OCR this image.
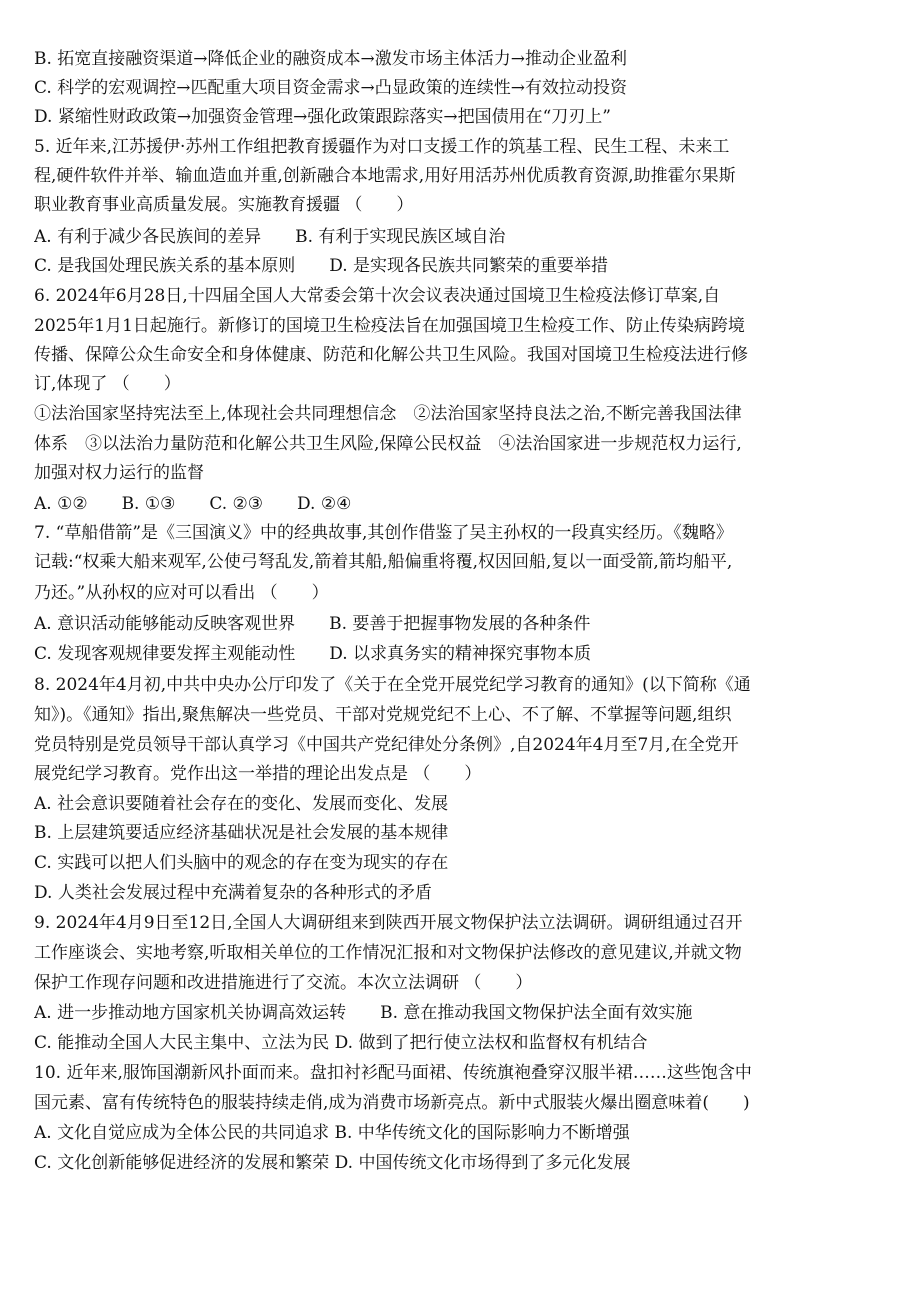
B. 拓宽直接融资渠道→降低企业的融资成本→激发市场主体活力→推动企业盈利
C. 科学的宏观调控→匹配重大项目资金需求→凸显政策的连续性→有效拉动投资
D. 紧缩性财政政策→加强资金管理→强化政策跟踪落实→把国债用在“刀刃上”
5. 近年来,江苏援伊·苏州工作组把教育援疆作为对口支援工作的筑基工程、民生工程、未来工
程,硬件软件并举、输血造血并重,创新融合本地需求,用好用活苏州优质教育资源,助推霍尔果斯
职业教育事业高质量发展。实施教育援疆 （　　）
A. 有利于减少各民族间的差异　　B. 有利于实现民族区域自治
C. 是我国处理民族关系的基本原则　　D. 是实现各民族共同繁荣的重要举措
6. 2024年6月28日,十四届全国人大常委会第十次会议表决通过国境卫生检疫法修订草案,自
2025年1月1日起施行。新修订的国境卫生检疫法旨在加强国境卫生检疫工作、防止传染病跨境
传播、保障公众生命安全和身体健康、防范和化解公共卫生风险。我国对国境卫生检疫法进行修
订,体现了 （　　）
①法治国家坚持宪法至上,体现社会共同理想信念　②法治国家坚持良法之治,不断完善我国法律
体系　③以法治力量防范和化解公共卫生风险,保障公民权益　④法治国家进一步规范权力运行,
加强对权力运行的监督
A. ①②　　B. ①③　　C. ②③　　D. ②④
7. “草船借箭”是《三国演义》中的经典故事,其创作借鉴了吴主孙权的一段真实经历。《魏略》
记载:“权乘大船来观军,公使弓弩乱发,箭着其船,船偏重将覆,权因回船,复以一面受箭,箭均船平,
乃还。”从孙权的应对可以看出 （　　）
A. 意识活动能够能动反映客观世界　　B. 要善于把握事物发展的各种条件
C. 发现客观规律要发挥主观能动性　　D. 以求真务实的精神探究事物本质
8. 2024年4月初,中共中央办公厅印发了《关于在全党开展党纪学习教育的通知》(以下简称《通
知》)。《通知》指出,聚焦解决一些党员、干部对党规党纪不上心、不了解、不掌握等问题,组织
党员特别是党员领导干部认真学习《中国共产党纪律处分条例》,自2024年4月至7月,在全党开
展党纪学习教育。党作出这一举措的理论出发点是 （　　）
A. 社会意识要随着社会存在的变化、发展而变化、发展
B. 上层建筑要适应经济基础状况是社会发展的基本规律
C. 实践可以把人们头脑中的观念的存在变为现实的存在
D. 人类社会发展过程中充满着复杂的各种形式的矛盾
9. 2024年4月9日至12日,全国人大调研组来到陕西开展文物保护法立法调研。调研组通过召开
工作座谈会、实地考察,听取相关单位的工作情况汇报和对文物保护法修改的意见建议,并就文物
保护工作现存问题和改进措施进行了交流。本次立法调研 （　　）
A. 进一步推动地方国家机关协调高效运转　　B. 意在推动我国文物保护法全面有效实施
C. 能推动全国人大民主集中、立法为民 D. 做到了把行使立法权和监督权有机结合
10. 近年来,服饰国潮新风扑面而来。盘扣衬衫配马面裙、传统旗袍叠穿汉服半裙……这些饱含中
国元素、富有传统特色的服装持续走俏,成为消费市场新亮点。新中式服装火爆出圈意味着(　　)
A. 文化自觉应成为全体公民的共同追求 B. 中华传统文化的国际影响力不断增强
C. 文化创新能够促进经济的发展和繁荣 D. 中国传统文化市场得到了多元化发展
